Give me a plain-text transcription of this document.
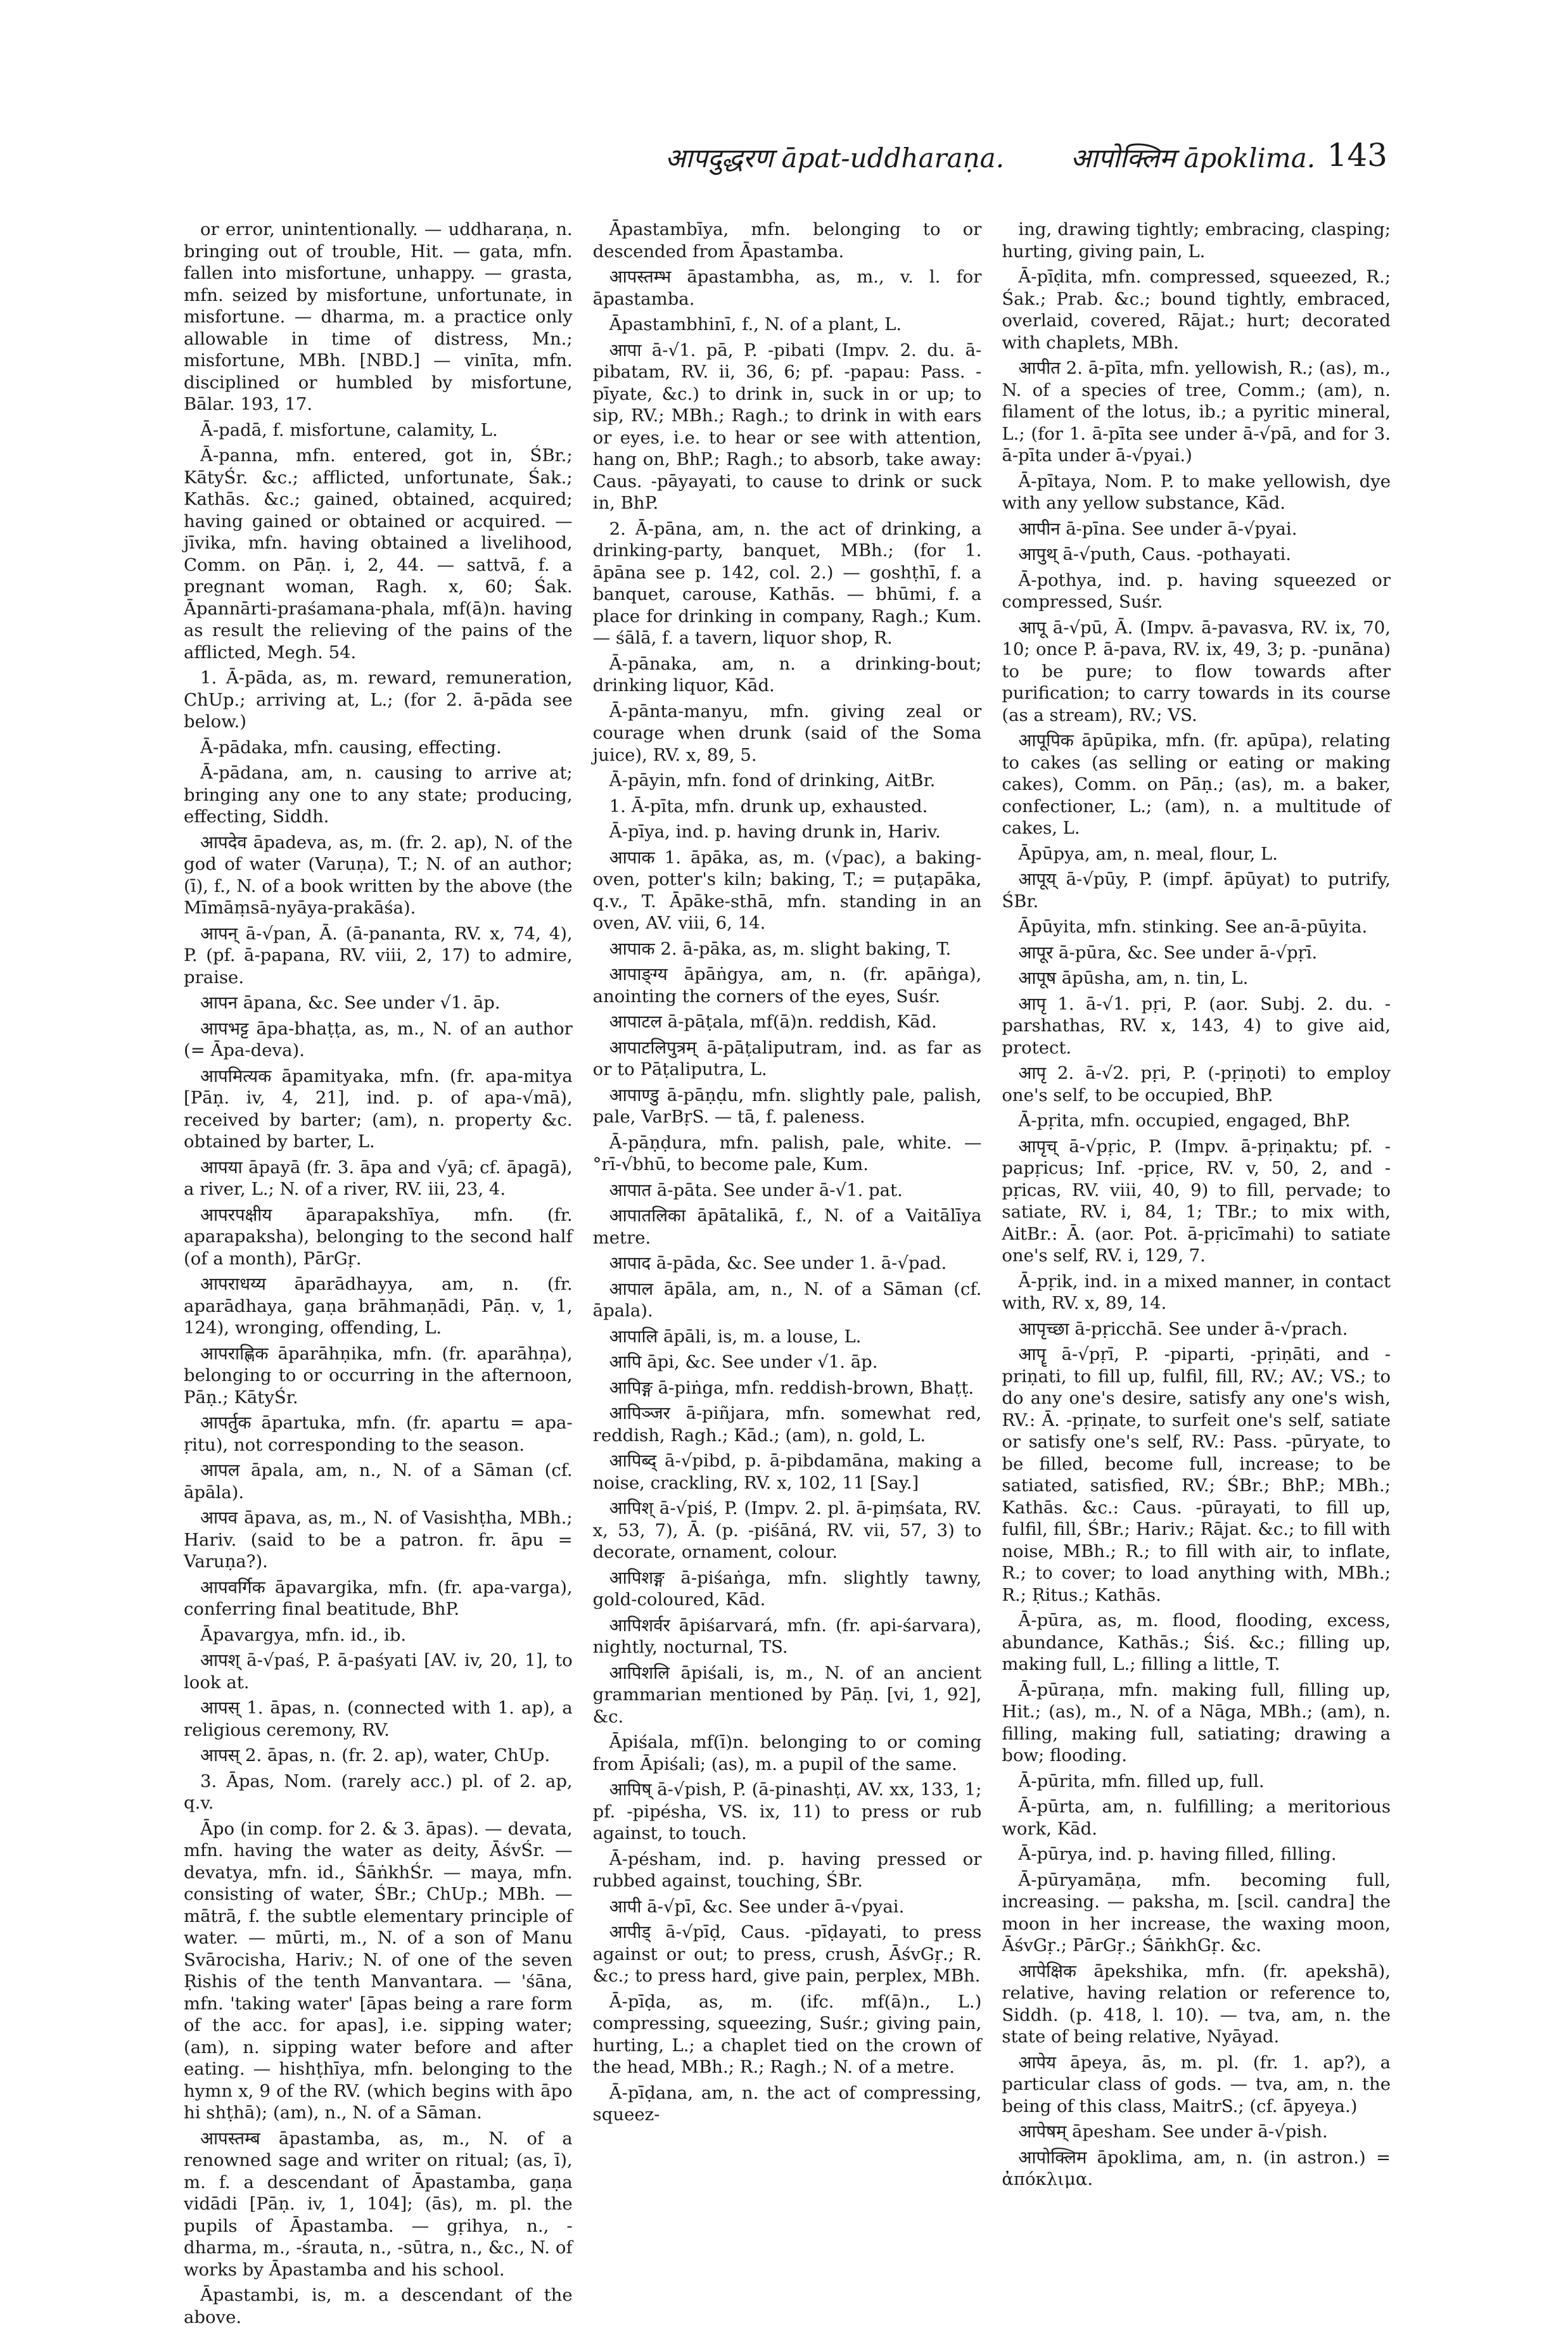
आपदुद्धरण āpat-uddharaṇa. आपोक्लिम āpoklima. 143

or error, unintentionally. — uddharaṇa, n. bringing out of trouble, Hit. — gata, mfn. fallen into misfortune, unhappy. — grasta, mfn. seized by misfortune, unfortunate, in misfortune. — dharma, m. a practice only allowable in time of distress, Mn.; misfortune, MBh. [NBD.] — vinīta, mfn. disciplined or humbled by misfortune, Bālar. 193, 17.

Ā-padā, f. misfortune, calamity, L.

Ā-panna, mfn. entered, got in, ŚBr.; KātyŚr. &c.; afflicted, unfortunate, Śak.; Kathās. &c.; gained, obtained, acquired; having gained or obtained or acquired. — jīvika, mfn. having obtained a livelihood, Comm. on Pāṇ. i, 2, 44. — sattvā, f. a pregnant woman, Ragh. x, 60; Śak. Āpannārti-praśamana-phala, mf(ā)n. having as result the relieving of the pains of the afflicted, Megh. 54.

1. Ā-pāda, as, m. reward, remuneration, ChUp.; arriving at, L.; (for 2. ā-pāda see below.)

Ā-pādaka, mfn. causing, effecting.

Ā-pādana, am, n. causing to arrive at; bringing any one to any state; producing, effecting, Siddh.

आपदेव āpadeva, as, m. (fr. 2. ap), N. of the god of water (Varuṇa), T.; N. of an author; (ī), f., N. of a book written by the above (the Mīmāṃsā-nyāya-prakāśa).

आपन् ā-√pan, Ā. (ā-pananta, RV. x, 74, 4), P. (pf. ā-papana, RV. viii, 2, 17) to admire, praise.

आपन āpana, &c. See under √1. āp.

आपभट्ट āpa-bhaṭṭa, as, m., N. of an author (= Āpa-deva).

आपमित्यक āpamityaka, mfn. (fr. apa-mitya [Pāṇ. iv, 4, 21], ind. p. of apa-√mā), received by barter; (am), n. property &c. obtained by barter, L.

आपया āpayā (fr. 3. āpa and √yā; cf. āpagā), a river, L.; N. of a river, RV. iii, 23, 4.

आपरपक्षीय āparapakshīya, mfn. (fr. aparapaksha), belonging to the second half (of a month), PārGṛ.

आपराधय्य āparādhayya, am, n. (fr. aparādhaya, gaṇa brāhmaṇādi, Pāṇ. v, 1, 124), wronging, offending, L.

आपराह्णिक āparāhṇika, mfn. (fr. aparāhṇa), belonging to or occurring in the afternoon, Pāṇ.; KātyŚr.

आपर्तुक āpartuka, mfn. (fr. apartu = apa-ṛitu), not corresponding to the season.

आपल āpala, am, n., N. of a Sāman (cf. āpāla).

आपव āpava, as, m., N. of Vasishṭha, MBh.; Hariv. (said to be a patron. fr. āpu = Varuṇa?).

आपवर्गिक āpavargika, mfn. (fr. apa-varga), conferring final beatitude, BhP.

Āpavargya, mfn. id., ib.

आपश् ā-√paś, P. ā-paśyati [AV. iv, 20, 1], to look at.

आपस् 1. āpas, n. (connected with 1. ap), a religious ceremony, RV.

आपस् 2. āpas, n. (fr. 2. ap), water, ChUp.

3. Āpas, Nom. (rarely acc.) pl. of 2. ap, q.v.

Āpo (in comp. for 2. & 3. āpas). — devata, mfn. having the water as deity, ĀśvŚr. — devatya, mfn. id., ŚāṅkhŚr. — maya, mfn. consisting of water, ŚBr.; ChUp.; MBh. — mātrā, f. the subtle elementary principle of water. — mūrti, m., N. of a son of Manu Svārocisha, Hariv.; N. of one of the seven Ṛishis of the tenth Manvantara. — 'śāna, mfn. 'taking water' [āpas being a rare form of the acc. for apas], i.e. sipping water; (am), n. sipping water before and after eating. — hishṭhīya, mfn. belonging to the hymn x, 9 of the RV. (which begins with āpo hi shṭhā); (am), n., N. of a Sāman.

आपस्तम्ब āpastamba, as, m., N. of a renowned sage and writer on ritual; (as, ī), m. f. a descendant of Āpastamba, gaṇa vidādi [Pāṇ. iv, 1, 104]; (ās), m. pl. the pupils of Āpastamba. — gṛihya, n., -dharma, m., -śrauta, n., -sūtra, n., &c., N. of works by Āpastamba and his school.

Āpastambi, is, m. a descendant of the above.

Āpastambīya, mfn. belonging to or descended from Āpastamba.

आपस्तम्भ āpastambha, as, m., v. l. for āpastamba.

Āpastambhinī, f., N. of a plant, L.

आपा ā-√1. pā, P. -pibati (Impv. 2. du. ā-pibatam, RV. ii, 36, 6; pf. -papau: Pass. -pīyate, &c.) to drink in, suck in or up; to sip, RV.; MBh.; Ragh.; to drink in with ears or eyes, i.e. to hear or see with attention, hang on, BhP.; Ragh.; to absorb, take away: Caus. -pāyayati, to cause to drink or suck in, BhP.

2. Ā-pāna, am, n. the act of drinking, a drinking-party, banquet, MBh.; (for 1. āpāna see p. 142, col. 2.) — goshṭhī, f. a banquet, carouse, Kathās. — bhūmi, f. a place for drinking in company, Ragh.; Kum. — śālā, f. a tavern, liquor shop, R.

Ā-pānaka, am, n. a drinking-bout; drinking liquor, Kād.

Ā-pānta-manyu, mfn. giving zeal or courage when drunk (said of the Soma juice), RV. x, 89, 5.

Ā-pāyin, mfn. fond of drinking, AitBr.

1. Ā-pīta, mfn. drunk up, exhausted.

Ā-pīya, ind. p. having drunk in, Hariv.

आपाक 1. āpāka, as, m. (√pac), a baking-oven, potter's kiln; baking, T.; = puṭapāka, q.v., T. Āpāke-sthā, mfn. standing in an oven, AV. viii, 6, 14.

आपाक 2. ā-pāka, as, m. slight baking, T.

आपाङ्ग्य āpāṅgya, am, n. (fr. apāṅga), anointing the corners of the eyes, Suśr.

आपाटल ā-pāṭala, mf(ā)n. reddish, Kād.

आपाटलिपुत्रम् ā-pāṭaliputram, ind. as far as or to Pāṭaliputra, L.

आपाण्डु ā-pāṇḍu, mfn. slightly pale, palish, pale, VarBṛS. — tā, f. paleness.

Ā-pāṇḍura, mfn. palish, pale, white. — °rī-√bhū, to become pale, Kum.

आपात ā-pāta. See under ā-√1. pat.

आपातलिका āpātalikā, f., N. of a Vaitālīya metre.

आपाद ā-pāda, &c. See under 1. ā-√pad.

आपाल āpāla, am, n., N. of a Sāman (cf. āpala).

आपालि āpāli, is, m. a louse, L.

आपि āpi, &c. See under √1. āp.

आपिङ्ग ā-piṅga, mfn. reddish-brown, Bhaṭṭ.

आपिञ्जर ā-piñjara, mfn. somewhat red, reddish, Ragh.; Kād.; (am), n. gold, L.

आपिब्द् ā-√pibd, p. ā-pibdamāna, making a noise, crackling, RV. x, 102, 11 [Say.]

आपिश् ā-√piś, P. (Impv. 2. pl. ā-piṃśata, RV. x, 53, 7), Ā. (p. -piśāná, RV. vii, 57, 3) to decorate, ornament, colour.

आपिशङ्ग ā-piśaṅga, mfn. slightly tawny, gold-coloured, Kād.

आपिशर्वर āpiśarvará, mfn. (fr. api-śarvara), nightly, nocturnal, TS.

आपिशलि āpiśali, is, m., N. of an ancient grammarian mentioned by Pāṇ. [vi, 1, 92], &c.

Āpiśala, mf(ī)n. belonging to or coming from Āpiśali; (as), m. a pupil of the same.

आपिष् ā-√pish, P. (ā-pinashṭi, AV. xx, 133, 1; pf. -pipésha, VS. ix, 11) to press or rub against, to touch.

Ā-pésham, ind. p. having pressed or rubbed against, touching, ŚBr.

आपी ā-√pī, &c. See under ā-√pyai.

आपीड् ā-√pīḍ, Caus. -pīḍayati, to press against or out; to press, crush, ĀśvGṛ.; R. &c.; to press hard, give pain, perplex, MBh.

Ā-pīḍa, as, m. (ifc. mf(ā)n., L.) compressing, squeezing, Suśr.; giving pain, hurting, L.; a chaplet tied on the crown of the head, MBh.; R.; Ragh.; N. of a metre.

Ā-pīḍana, am, n. the act of compressing, squeez-

ing, drawing tightly; embracing, clasping; hurting, giving pain, L.

Ā-pīḍita, mfn. compressed, squeezed, R.; Śak.; Prab. &c.; bound tightly, embraced, overlaid, covered, Rājat.; hurt; decorated with chaplets, MBh.

आपीत 2. ā-pīta, mfn. yellowish, R.; (as), m., N. of a species of tree, Comm.; (am), n. filament of the lotus, ib.; a pyritic mineral, L.; (for 1. ā-pīta see under ā-√pā, and for 3. ā-pīta under ā-√pyai.)

Ā-pītaya, Nom. P. to make yellowish, dye with any yellow substance, Kād.

आपीन ā-pīna. See under ā-√pyai.

आपुथ् ā-√puth, Caus. -pothayati.

Ā-pothya, ind. p. having squeezed or compressed, Suśr.

आपू ā-√pū, Ā. (Impv. ā-pavasva, RV. ix, 70, 10; once P. ā-pava, RV. ix, 49, 3; p. -punāna) to be pure; to flow towards after purification; to carry towards in its course (as a stream), RV.; VS.

आपूपिक āpūpika, mfn. (fr. apūpa), relating to cakes (as selling or eating or making cakes), Comm. on Pāṇ.; (as), m. a baker, confectioner, L.; (am), n. a multitude of cakes, L.

Āpūpya, am, n. meal, flour, L.

आपूय् ā-√pūy, P. (impf. āpūyat) to putrify, ŚBr.

Āpūyita, mfn. stinking. See an-ā-pūyita.

आपूर ā-pūra, &c. See under ā-√pṛī.

आपूष āpūsha, am, n. tin, L.

आपृ 1. ā-√1. pṛi, P. (aor. Subj. 2. du. -parshathas, RV. x, 143, 4) to give aid, protect.

आपृ 2. ā-√2. pṛi, P. (-pṛiṇoti) to employ one's self, to be occupied, BhP.

Ā-pṛita, mfn. occupied, engaged, BhP.

आपृच् ā-√pṛic, P. (Impv. ā-pṛiṇaktu; pf. -papṛicus; Inf. -pṛice, RV. v, 50, 2, and -pṛicas, RV. viii, 40, 9) to fill, pervade; to satiate, RV. i, 84, 1; TBr.; to mix with, AitBr.: Ā. (aor. Pot. ā-pṛicīmahi) to satiate one's self, RV. i, 129, 7.

Ā-pṛik, ind. in a mixed manner, in contact with, RV. x, 89, 14.

आपृच्छा ā-pṛicchā. See under ā-√prach.

आपॄ ā-√pṛī, P. -piparti, -pṛiṇāti, and -priṇati, to fill up, fulfil, fill, RV.; AV.; VS.; to do any one's desire, satisfy any one's wish, RV.: Ā. -pṛiṇate, to surfeit one's self, satiate or satisfy one's self, RV.: Pass. -pūryate, to be filled, become full, increase; to be satiated, satisfied, RV.; ŚBr.; BhP.; MBh.; Kathās. &c.: Caus. -pūrayati, to fill up, fulfil, fill, ŚBr.; Hariv.; Rājat. &c.; to fill with noise, MBh.; R.; to fill with air, to inflate, R.; to cover; to load anything with, MBh.; R.; Ṛitus.; Kathās.

Ā-pūra, as, m. flood, flooding, excess, abundance, Kathās.; Śiś. &c.; filling up, making full, L.; filling a little, T.

Ā-pūraṇa, mfn. making full, filling up, Hit.; (as), m., N. of a Nāga, MBh.; (am), n. filling, making full, satiating; drawing a bow; flooding.

Ā-pūrita, mfn. filled up, full.

Ā-pūrta, am, n. fulfilling; a meritorious work, Kād.

Ā-pūrya, ind. p. having filled, filling.

Ā-pūryamāṇa, mfn. becoming full, increasing. — paksha, m. [scil. candra] the moon in her increase, the waxing moon, ĀśvGṛ.; PārGṛ.; ŚāṅkhGṛ. &c.

आपेक्षिक āpekshika, mfn. (fr. apekshā), relative, having relation or reference to, Siddh. (p. 418, l. 10). — tva, am, n. the state of being relative, Nyāyad.

आपेय āpeya, ās, m. pl. (fr. 1. ap?), a particular class of gods. — tva, am, n. the being of this class, MaitrS.; (cf. āpyeya.)

आपेषम् āpesham. See under ā-√pish.

आपोक्लिम āpoklima, am, n. (in astron.) = ἀπόκλιμα.
